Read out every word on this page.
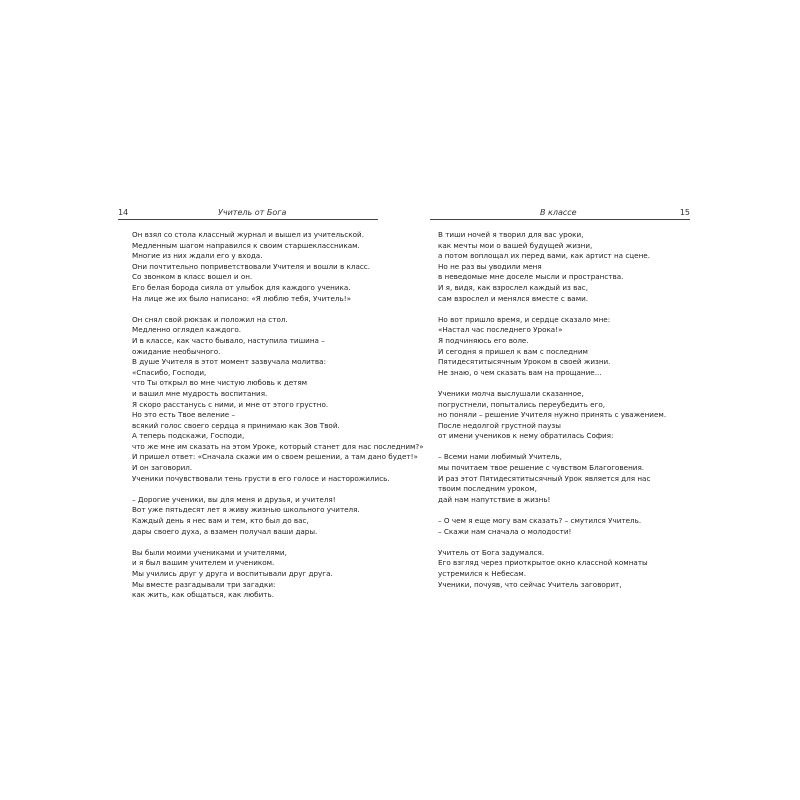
14	Учитель от Бога
Он взял со стола классный журнал и вышел из учительской.
Медленным шагом направился к своим старшеклассникам.
Многие из них ждали его у входа.
Они почтительно поприветствовали Учителя и вошли в класс.
Со звонком в класс вошел и он.
Его белая борода сияла от улыбок для каждого ученика.
На лице же их было написано: «Я люблю тебя, Учитель!»
Он снял свой рюкзак и положил на стол.
Медленно оглядел каждого.
И в классе, как часто бывало, наступила тишина –
ожидание необычного.
В душе Учителя в этот момент зазвучала молитва:
«Спасибо, Господи,
что Ты открыл во мне чистую любовь к детям
и вашил мне мудрость воспитания.
Я скоро расстанусь с ними, и мне от этого грустно.
Но это есть Твое веление –
всякий голос своего сердца я принимаю как Зов Твой.
А теперь подскажи, Господи,
что же мне им сказать на этом Уроке, который станет для нас последним?»
И пришел ответ: «Сначала скажи им о своем решении, а там дано будет!»
И он заговорил.
Ученики почувствовали тень грусти в его голосе и насторожились.
– Дорогие ученики, вы для меня и друзья, и учителя!
Вот уже пятьдесят лет я живу жизнью школьного учителя.
Каждый день я нес вам и тем, кто был до вас,
дары своего духа, а взамен получал ваши дары.
Вы были моими учениками и учителями,
и я был вашим учителем и учеником.
Мы учились друг у друга и воспитывали друг друга.
Мы вместе разгадывали три загадки:
как жить, как общаться, как любить.
В классе	15
В тиши ночей я творил для вас уроки,
как мечты мои о вашей будущей жизни,
а потом воплощал их перед вами, как артист на сцене.
Но не раз вы уводили меня
в неведомые мне доселе мысли и пространства.
И я, видя, как взрослел каждый из вас,
сам взрослел и менялся вместе с вами.
Но вот пришло время, и сердце сказало мне:
«Настал час последнего Урока!»
Я подчиняюсь его воле.
И сегодня я пришел к вам с последним
Пятидесятитысячным Уроком в своей жизни.
Не знаю, о чем сказать вам на прощание...
Ученики молча выслушали сказанное,
погрустнели, попытались переубедить его,
но поняли – решение Учителя нужно принять с уважением.
После недолгой грустной паузы
от имени учеников к нему обратилась София:
– Всеми нами любимый Учитель,
мы почитаем твое решение с чувством Благоговения.
И раз этот Пятидесятитысячный Урок является для нас
твоим последним уроком,
дай нам напутствие в жизнь!
– О чем я еще могу вам сказать? – смутился Учитель.
– Скажи нам сначала о молодости!
Учитель от Бога задумался.
Его взгляд через приоткрытое окно классной комнаты
устремился к Небесам.
Ученики, почуяв, что сейчас Учитель заговорит,
